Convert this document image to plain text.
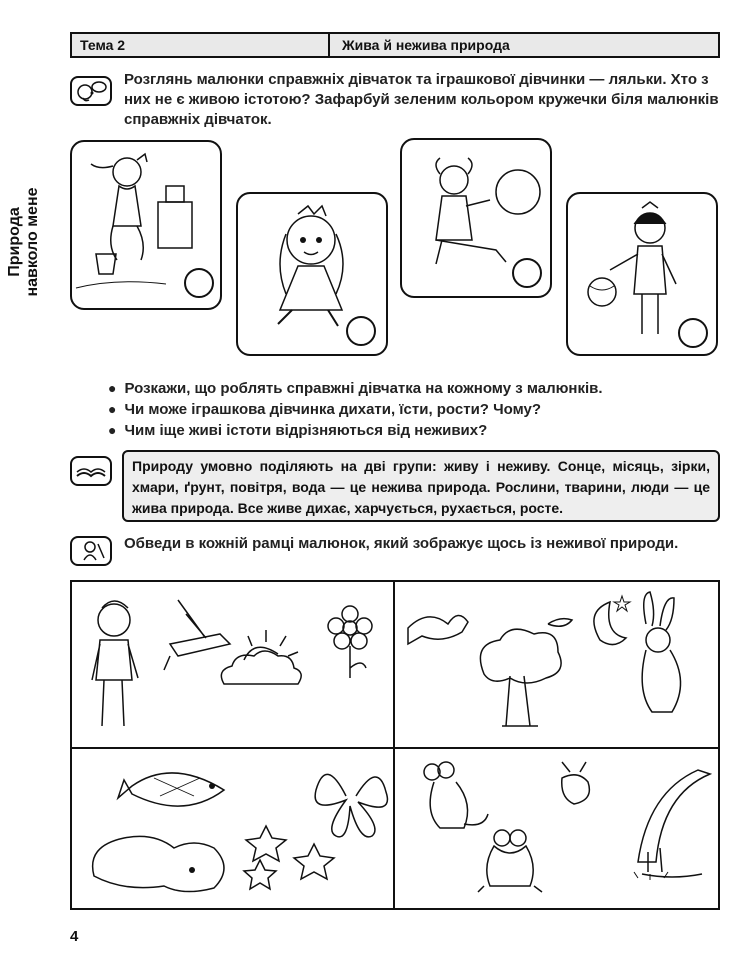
Природа навколо мене
Тема 2	Жива й нежива природа
Розглянь малюнки справжніх дівчаток та іграшкової дівчинки — ляльки. Хто з них не є живою істотою? Зафарбуй зеленим кольором кружечки біля малюнків справжніх дівчаток.
● Розкажи, що роблять справжні дівчатка на кожному з малюнків.
● Чи може іграшкова дівчинка дихати, їсти, рости? Чому?
● Чим іще живі істоти відрізняються від неживих?
Природу умовно поділяють на дві групи: живу і неживу. Сонце, місяць, зірки, хмари, ґрунт, повітря, вода — це нежива природа. Рослини, тварини, люди — це жива природа. Все живе дихає, харчується, рухається, росте.
Обведи в кожній рамці малюнок, який зображує щось із неживої природи.
4
